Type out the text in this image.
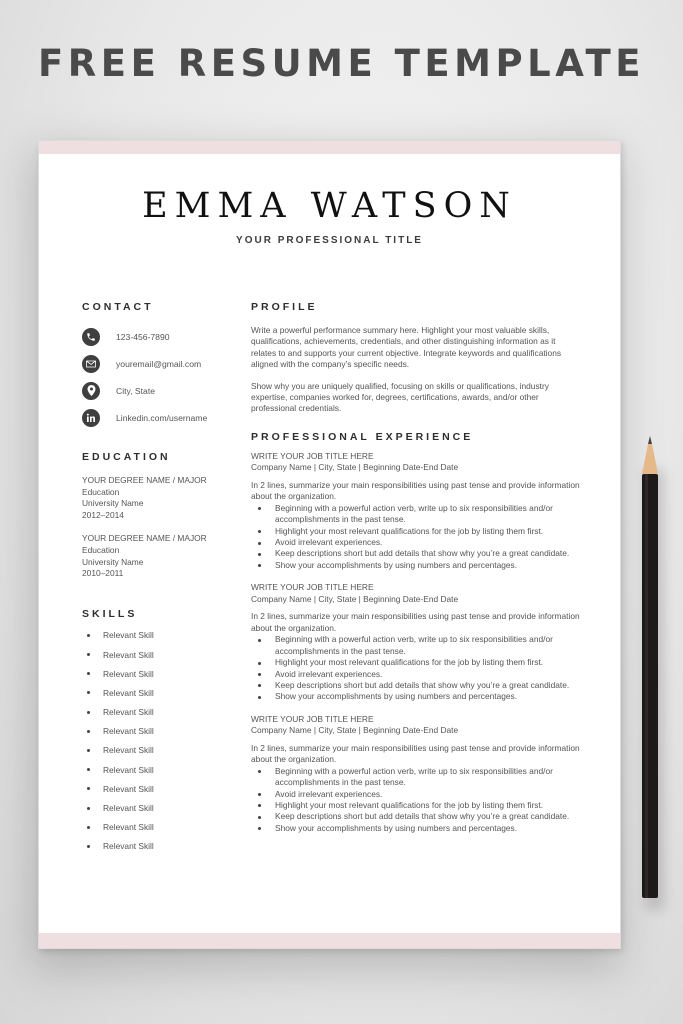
FREE RESUME TEMPLATE
EMMA WATSON
YOUR PROFESSIONAL TITLE
CONTACT
123-456-7890
youremail@gmail.com
City, State
Linkedin.com/username
EDUCATION
YOUR DEGREE NAME / MAJOR
Education
University Name
2012–2014
YOUR DEGREE NAME / MAJOR
Education
University Name
2010–2011
SKILLS
Relevant Skill
Relevant Skill
Relevant Skill
Relevant Skill
Relevant Skill
Relevant Skill
Relevant Skill
Relevant Skill
Relevant Skill
Relevant Skill
Relevant Skill
Relevant Skill
PROFILE

Write a powerful performance summary here. Highlight your most valuable skills, qualifications, achievements, credentials, and other distinguishing information as it relates to and supports your current objective. Integrate keywords and qualifications aligned with the company’s specific needs.

Show why you are uniquely qualified, focusing on skills or qualifications, industry expertise, companies worked for, degrees, certifications, awards, and/or other professional credentials.

PROFESSIONAL EXPERIENCE
WRITE YOUR JOB TITLE HERE
Company Name | City, State | Beginning Date-End Date
In 2 lines, summarize your main responsibilities using past tense and provide information about the organization.
Beginning with a powerful action verb, write up to six responsibilities and/or accomplishments in the past tense.
Highlight your most relevant qualifications for the job by listing them first.
Avoid irrelevant experiences.
Keep descriptions short but add details that show why you’re a great candidate.
Show your accomplishments by using numbers and percentages.
WRITE YOUR JOB TITLE HERE
Company Name | City, State | Beginning Date-End Date
In 2 lines, summarize your main responsibilities using past tense and provide information about the organization.
Beginning with a powerful action verb, write up to six responsibilities and/or accomplishments in the past tense.
Highlight your most relevant qualifications for the job by listing them first.
Avoid irrelevant experiences.
Keep descriptions short but add details that show why you’re a great candidate.
Show your accomplishments by using numbers and percentages.
WRITE YOUR JOB TITLE HERE
Company Name | City, State | Beginning Date-End Date
In 2 lines, summarize your main responsibilities using past tense and provide information about the organization.
Beginning with a powerful action verb, write up to six responsibilities and/or accomplishments in the past tense.
Avoid irrelevant experiences.
Highlight your most relevant qualifications for the job by listing them first.
Keep descriptions short but add details that show why you’re a great candidate.
Show your accomplishments by using numbers and percentages.
